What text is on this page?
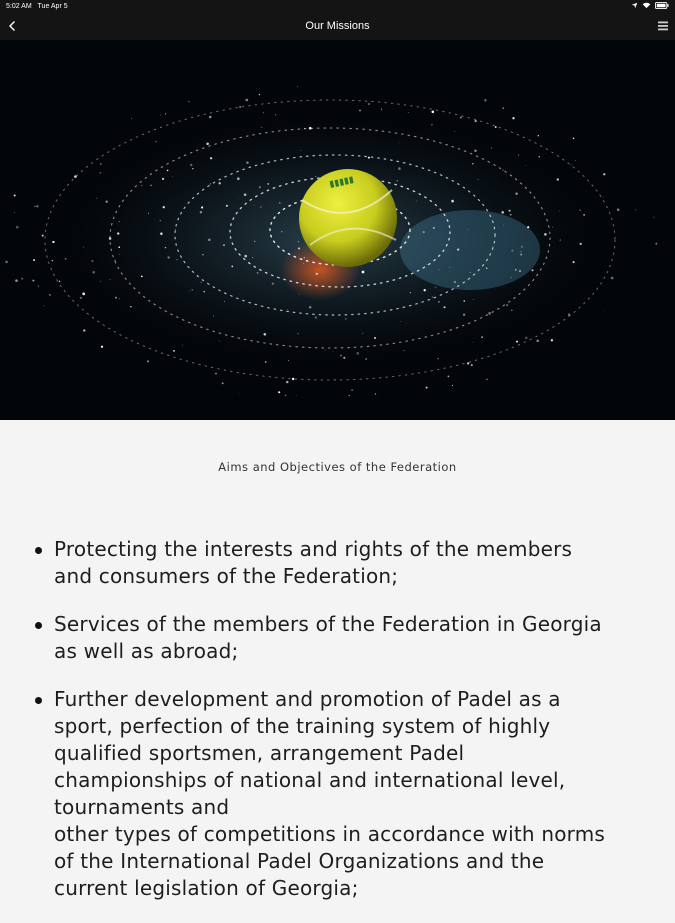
5:02 AM Tue Apr 5
Our Missions
▮▮▮▮▮
Aims and Objectives of the Federation
Protecting the interests and rights of the members
and consumers of the Federation;
Services of the members of the Federation in Georgia
as well as abroad;
Further development and promotion of Padel as a
sport, perfection of the training system of highly
qualified sportsmen, arrangement Padel
championships of national and international level,
tournaments and
other types of competitions in accordance with norms
of the International Padel Organizations and the
current legislation of Georgia;
